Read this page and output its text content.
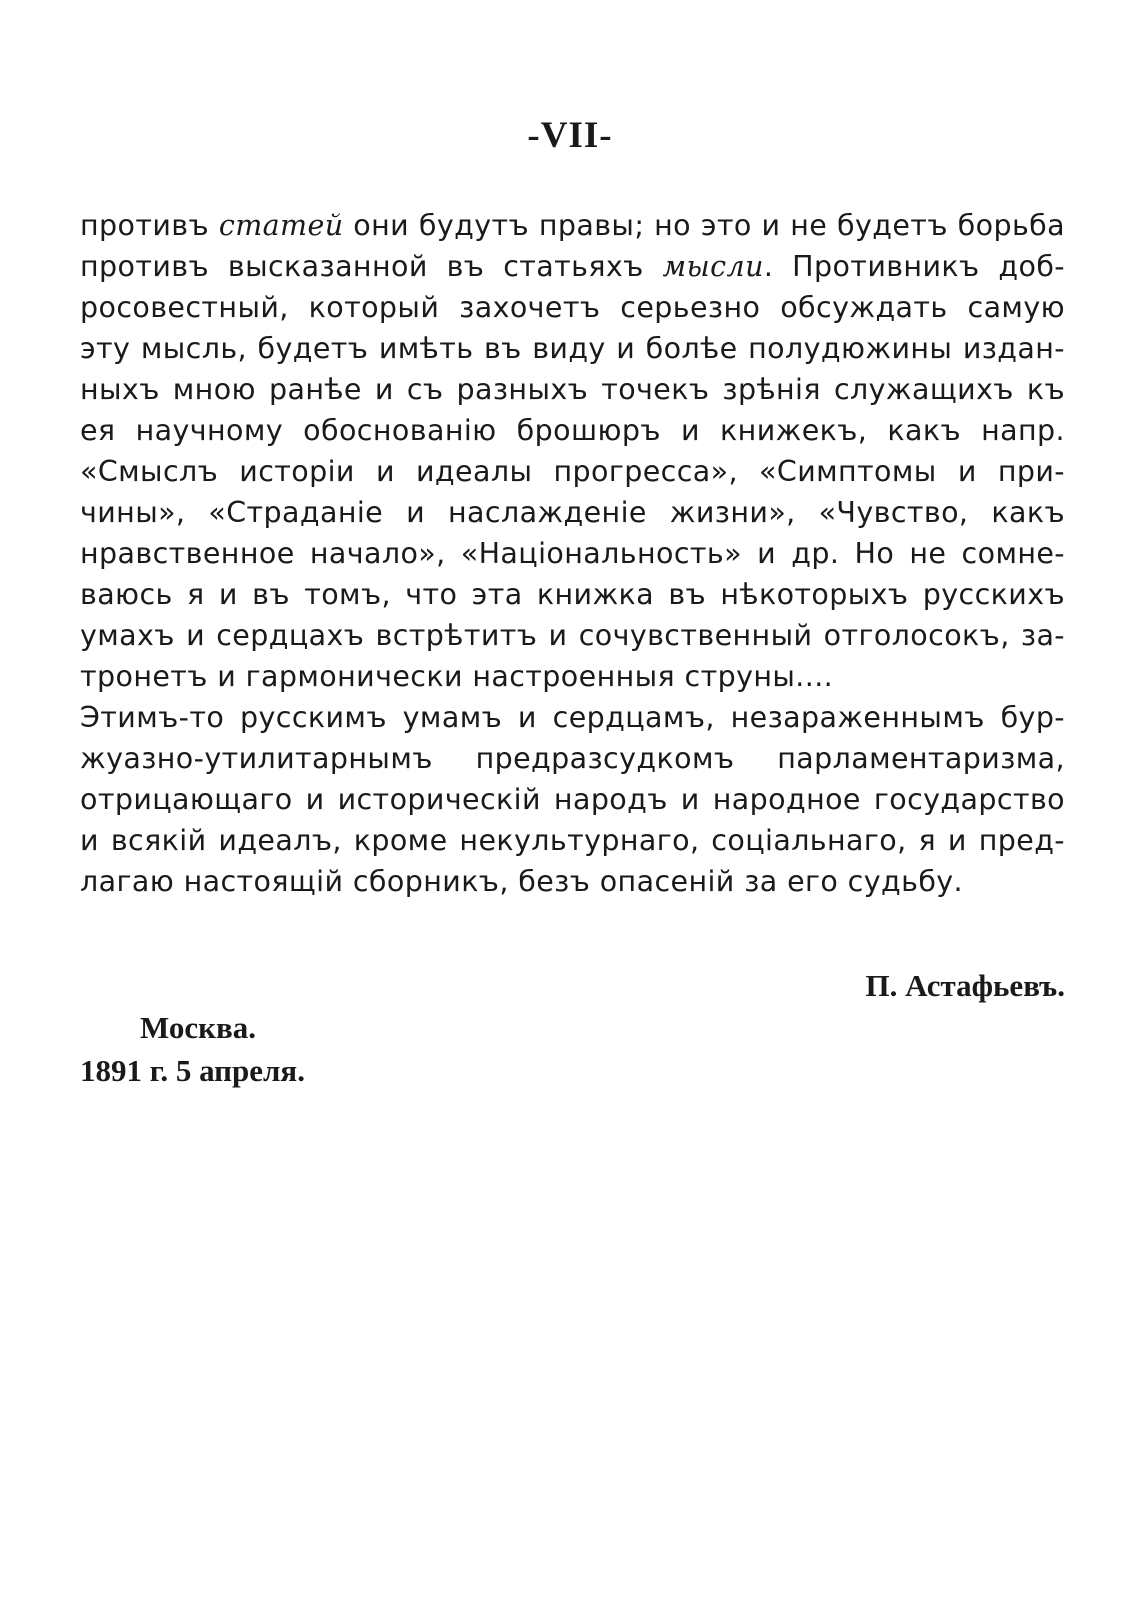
-VII-
противъ статей они будутъ правы; но это и не будетъ борьба
противъ высказанной въ статьяхъ мысли. Противникъ доб-
росовестный, который захочетъ серьезно обсуждать самую
эту мысль, будетъ имѣть въ виду и болѣе полудюжины издан-
ныхъ мною ранѣе и съ разныхъ точекъ зрѣнія служащихъ къ
ея научному обоснованію брошюръ и книжекъ, какъ напр.
«Смыслъ исторіи и идеалы прогресса», «Симптомы и при-
чины», «Страданіе и наслажденіе жизни», «Чувство, какъ
нравственное начало», «Національность» и др. Но не сомне-
ваюсь я и въ томъ, что эта книжка въ нѣкоторыхъ русскихъ
умахъ и сердцахъ встрѣтитъ и сочувственный отголосокъ, за-
тронетъ и гармонически настроенныя струны....
Этимъ-то русскимъ умамъ и сердцамъ, незараженнымъ бур-
жуазно-утилитарнымъ предразсудкомъ парламентаризма,
отрицающаго и историческій народъ и народное государство
и всякій идеалъ, кроме некультурнаго, соціальнаго, я и пред-
лагаю настоящій сборникъ, безъ опасеній за его судьбу.
П. Астафьевъ.
Москва.
1891 г. 5 апреля.
